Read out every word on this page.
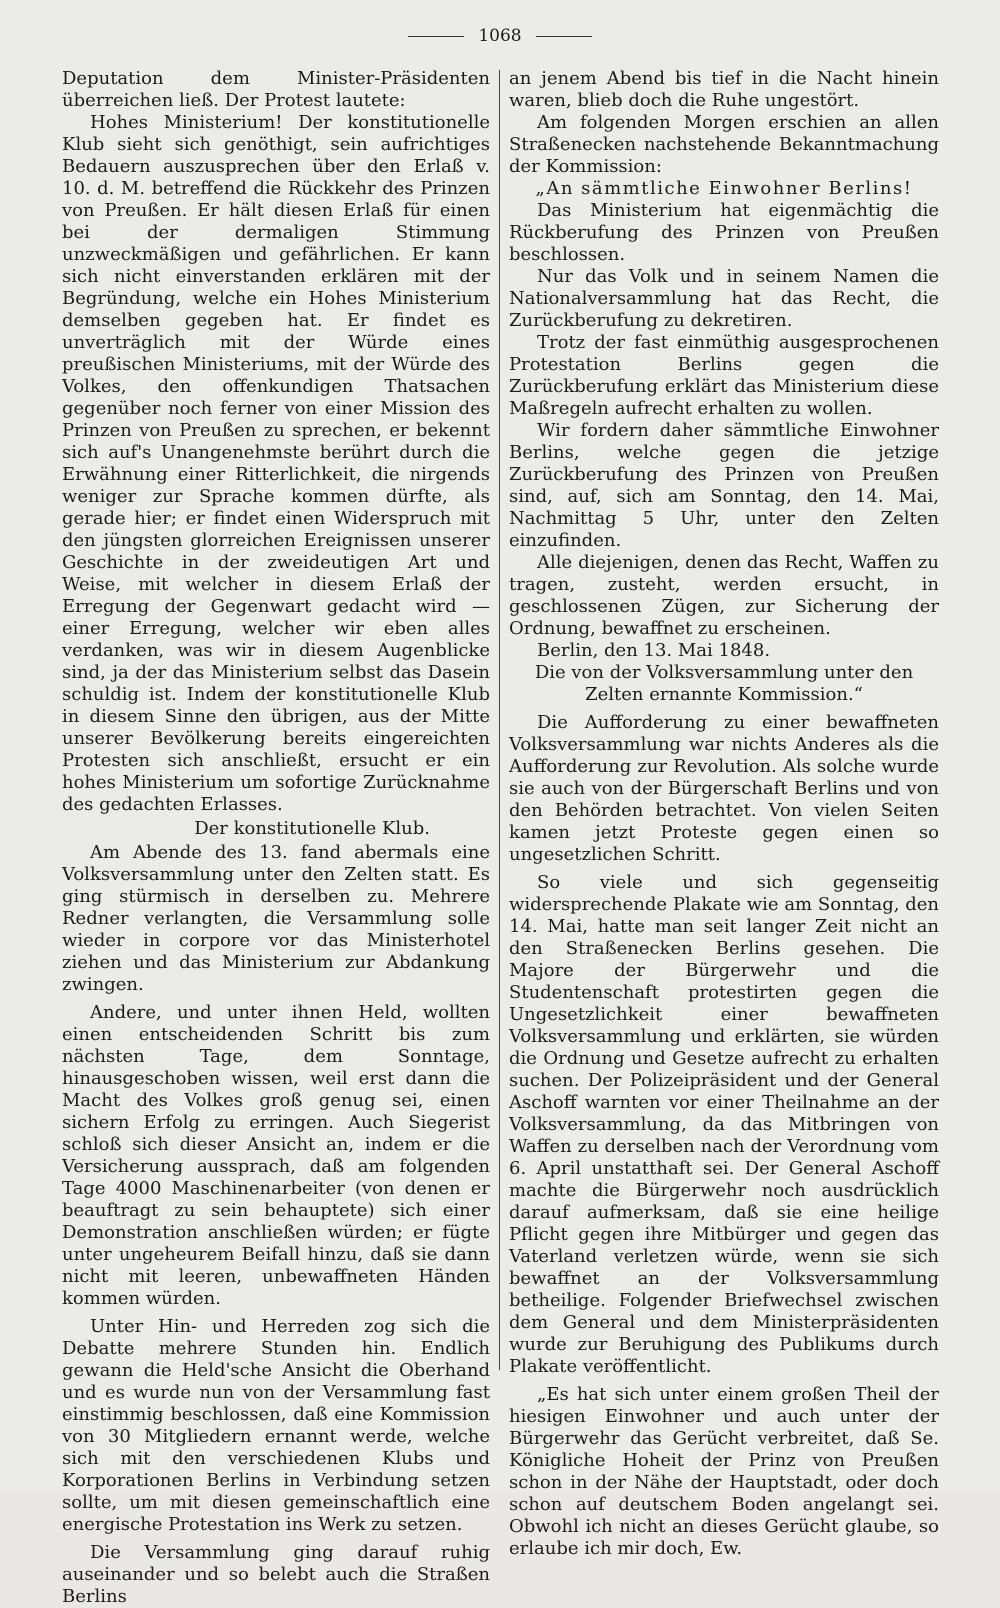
1068

Deputation dem Minister-Präsidenten überreichen ließ. Der Protest lautete:

Hohes Ministerium! Der konstitutionelle Klub sieht sich genöthigt, sein aufrichtiges Bedauern auszusprechen über den Erlaß v. 10. d. M. betreffend die Rückkehr des Prinzen von Preußen. Er hält diesen Erlaß für einen bei der dermaligen Stimmung unzweckmäßigen und gefährlichen. Er kann sich nicht einverstanden erklären mit der Begründung, welche ein Hohes Ministerium demselben gegeben hat. Er findet es unverträglich mit der Würde eines preußischen Ministeriums, mit der Würde des Volkes, den offenkundigen Thatsachen gegenüber noch ferner von einer Mission des Prinzen von Preußen zu sprechen, er bekennt sich auf's Unangenehmste berührt durch die Erwähnung einer Ritterlichkeit, die nirgends weniger zur Sprache kommen dürfte, als gerade hier; er findet einen Widerspruch mit den jüngsten glorreichen Ereignissen unserer Geschichte in der zweideutigen Art und Weise, mit welcher in diesem Erlaß der Erregung der Gegenwart gedacht wird — einer Erregung, welcher wir eben alles verdanken, was wir in diesem Augenblicke sind, ja der das Ministerium selbst das Dasein schuldig ist. Indem der konstitutionelle Klub in diesem Sinne den übrigen, aus der Mitte unserer Bevölkerung bereits eingereichten Protesten sich anschließt, ersucht er ein hohes Ministerium um sofortige Zurücknahme des gedachten Erlasses.

Der konstitutionelle Klub.

Am Abende des 13. fand abermals eine Volksversammlung unter den Zelten statt. Es ging stürmisch in derselben zu. Mehrere Redner verlangten, die Versammlung solle wieder in corpore vor das Ministerhotel ziehen und das Ministerium zur Abdankung zwingen.

Andere, und unter ihnen Held, wollten einen entscheidenden Schritt bis zum nächsten Tage, dem Sonntage, hinausgeschoben wissen, weil erst dann die Macht des Volkes groß genug sei, einen sichern Erfolg zu erringen. Auch Siegerist schloß sich dieser Ansicht an, indem er die Versicherung aussprach, daß am folgenden Tage 4000 Maschinenarbeiter (von denen er beauftragt zu sein behauptete) sich einer Demonstration anschließen würden; er fügte unter ungeheurem Beifall hinzu, daß sie dann nicht mit leeren, unbewaffneten Händen kommen würden.

Unter Hin- und Herreden zog sich die Debatte mehrere Stunden hin. Endlich gewann die Held'sche Ansicht die Oberhand und es wurde nun von der Versammlung fast einstimmig beschlossen, daß eine Kommission von 30 Mitgliedern ernannt werde, welche sich mit den verschiedenen Klubs und Korporationen Berlins in Verbindung setzen sollte, um mit diesen gemeinschaftlich eine energische Protestation ins Werk zu setzen.

Die Versammlung ging darauf ruhig auseinander und so belebt auch die Straßen Berlins

an jenem Abend bis tief in die Nacht hinein waren, blieb doch die Ruhe ungestört.

Am folgenden Morgen erschien an allen Straßenecken nachstehende Bekanntmachung der Kommission:

„An sämmtliche Einwohner Berlins!

Das Ministerium hat eigenmächtig die Rückberufung des Prinzen von Preußen beschlossen.

Nur das Volk und in seinem Namen die Nationalversammlung hat das Recht, die Zurückberufung zu dekretiren.

Trotz der fast einmüthig ausgesprochenen Protestation Berlins gegen die Zurückberufung erklärt das Ministerium diese Maßregeln aufrecht erhalten zu wollen.

Wir fordern daher sämmtliche Einwohner Berlins, welche gegen die jetzige Zurückberufung des Prinzen von Preußen sind, auf, sich am Sonntag, den 14. Mai, Nachmittag 5 Uhr, unter den Zelten einzufinden.

Alle diejenigen, denen das Recht, Waffen zu tragen, zusteht, werden ersucht, in geschlossenen Zügen, zur Sicherung der Ordnung, bewaffnet zu erscheinen.

Berlin, den 13. Mai 1848.

Die von der Volksversammlung unter den Zelten ernannte Kommission.“

Die Aufforderung zu einer bewaffneten Volksversammlung war nichts Anderes als die Aufforderung zur Revolution. Als solche wurde sie auch von der Bürgerschaft Berlins und von den Behörden betrachtet. Von vielen Seiten kamen jetzt Proteste gegen einen so ungesetzlichen Schritt.

So viele und sich gegenseitig widersprechende Plakate wie am Sonntag, den 14. Mai, hatte man seit langer Zeit nicht an den Straßenecken Berlins gesehen. Die Majore der Bürgerwehr und die Studentenschaft protestirten gegen die Ungesetzlichkeit einer bewaffneten Volksversammlung und erklärten, sie würden die Ordnung und Gesetze aufrecht zu erhalten suchen. Der Polizeipräsident und der General Aschoff warnten vor einer Theilnahme an der Volksversammlung, da das Mitbringen von Waffen zu derselben nach der Verordnung vom 6. April unstatthaft sei. Der General Aschoff machte die Bürgerwehr noch ausdrücklich darauf aufmerksam, daß sie eine heilige Pflicht gegen ihre Mitbürger und gegen das Vaterland verletzen würde, wenn sie sich bewaffnet an der Volksversammlung betheilige. Folgender Briefwechsel zwischen dem General und dem Ministerpräsidenten wurde zur Beruhigung des Publikums durch Plakate veröffentlicht.

„Es hat sich unter einem großen Theil der hiesigen Einwohner und auch unter der Bürgerwehr das Gerücht verbreitet, daß Se. Königliche Hoheit der Prinz von Preußen schon in der Nähe der Hauptstadt, oder doch schon auf deutschem Boden angelangt sei. Obwohl ich nicht an dieses Gerücht glaube, so erlaube ich mir doch, Ew.
